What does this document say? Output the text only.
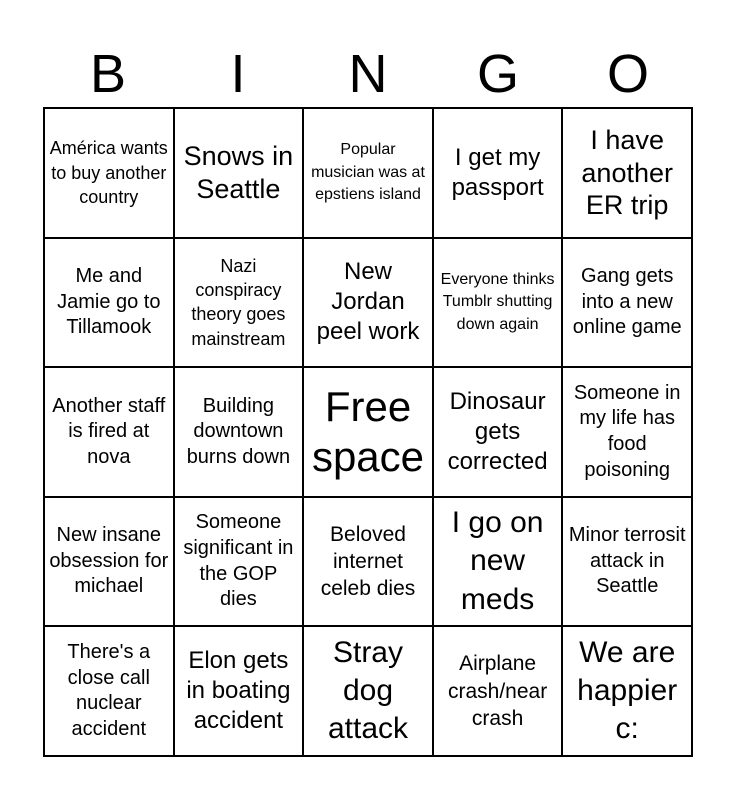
B	I	N	G	O
América wants to buy another country
Snows in Seattle
Popular musician was at epstiens island
I get my passport
I have another ER trip
Me and Jamie go to Tillamook
Nazi conspiracy theory goes mainstream
New Jordan peel work
Everyone thinks Tumblr shutting down again
Gang gets into a new online game
Another staff is fired at nova
Building downtown burns down
Free space
Dinosaur gets corrected
Someone in my life has food poisoning
New insane obsession for michael
Someone significant in the GOP dies
Beloved internet celeb dies
I go on new meds
Minor terrosit attack in Seattle
There's a close call nuclear accident
Elon gets in boating accident
Stray dog attack
Airplane crash/near crash
We are happier c:
